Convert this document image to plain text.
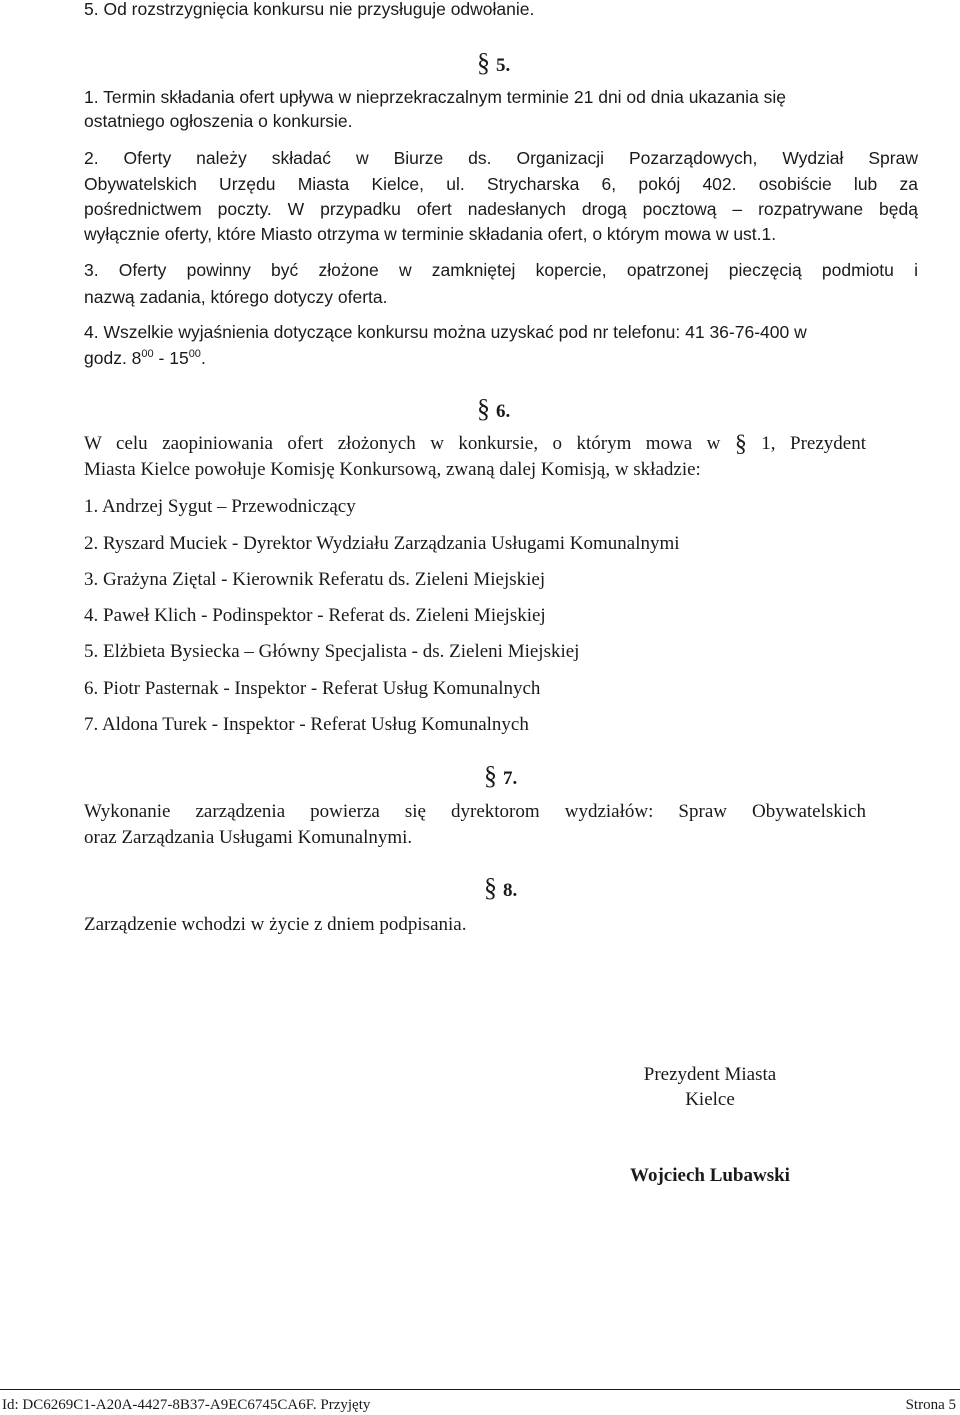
5. Od rozstrzygnięcia konkursu nie przysługuje odwołanie.
§ 5.
1. Termin składania ofert upływa w nieprzekraczalnym terminie 21 dni od dnia ukazania się
ostatniego ogłoszenia o konkursie.
2. Oferty należy składać w Biurze ds. Organizacji Pozarządowych, Wydział Spraw
Obywatelskich Urzędu Miasta Kielce, ul. Strycharska 6, pokój 402. osobiście lub za
pośrednictwem poczty. W przypadku ofert nadesłanych drogą pocztową – rozpatrywane będą
wyłącznie oferty, które Miasto otrzyma w terminie składania ofert, o którym mowa w ust.1.
3. Oferty powinny być złożone w zamkniętej kopercie, opatrzonej pieczęcią podmiotu i
nazwą zadania, którego dotyczy oferta.
4. Wszelkie wyjaśnienia dotyczące konkursu można uzyskać pod nr telefonu: 41 36-76-400 w
godz. $8^{00} - 15^{00}$.
§ 6.
W celu zaopiniowania ofert złożonych w konkursie, o którym mowa w § 1, Prezydent
Miasta Kielce powołuje Komisję Konkursową, zwaną dalej Komisją, w składzie:
1. Andrzej Sygut – Przewodniczący
2. Ryszard Muciek - Dyrektor Wydziału Zarządzania Usługami Komunalnymi
3. Grażyna Ziętal - Kierownik Referatu ds. Zieleni Miejskiej
4. Paweł Klich - Podinspektor - Referat ds. Zieleni Miejskiej
5. Elżbieta Bysiecka – Główny Specjalista - ds. Zieleni Miejskiej
6. Piotr Pasternak - Inspektor - Referat Usług Komunalnych
7. Aldona Turek - Inspektor - Referat Usług Komunalnych
§ 7.
Wykonanie zarządzenia powierza się dyrektorom wydziałów: Spraw Obywatelskich
oraz Zarządzania Usługami Komunalnymi.
§ 8.
Zarządzenie wchodzi w życie z dniem podpisania.
Prezydent Miasta
Kielce
Wojciech Lubawski
Id: DC6269C1-A20A-4427-8B37-A9EC6745CA6F. Przyjęty	Strona 5
